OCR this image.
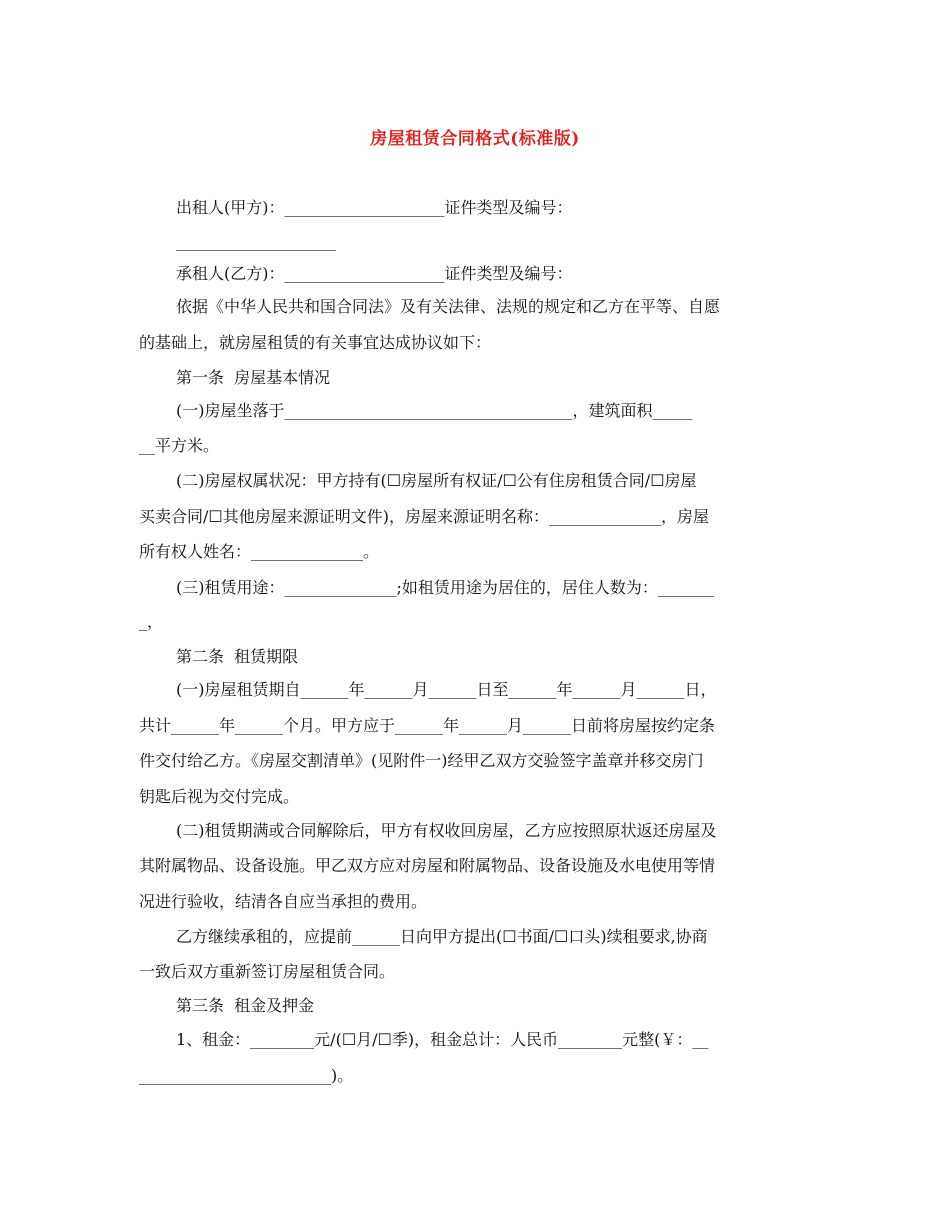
房屋租赁合同格式(标准版)
出租人(甲方)：____________________证件类型及编号：
____________________
承租人(乙方)：____________________证件类型及编号：
依据《中华人民共和国合同法》及有关法律、法规的规定和乙方在平等、自愿
的基础上，就房屋租赁的有关事宜达成协议如下：
第一条  房屋基本情况
(一)房屋坐落于____________________________________，建筑面积_____
__平方米。
(二)房屋权属状况：甲方持有(☐房屋所有权证/☐公有住房租赁合同/☐房屋
买卖合同/☐其他房屋来源证明文件)，房屋来源证明名称：______________，房屋
所有权人姓名：______________。
(三)租赁用途：______________;如租赁用途为居住的，居住人数为：_______
_，
第二条  租赁期限
(一)房屋租赁期自______年______月______日至______年______月______日，
共计______年______个月。甲方应于______年______月______日前将房屋按约定条
件交付给乙方。《房屋交割清单》(见附件一)经甲乙双方交验签字盖章并移交房门
钥匙后视为交付完成。
(二)租赁期满或合同解除后，甲方有权收回房屋，乙方应按照原状返还房屋及
其附属物品、设备设施。甲乙双方应对房屋和附属物品、设备设施及水电使用等情
况进行验收，结清各自应当承担的费用。
乙方继续承租的，应提前______日向甲方提出(☐书面/☐口头)续租要求,协商
一致后双方重新签订房屋租赁合同。
第三条  租金及押金
1、租金：________元/(☐月/☐季)，租金总计：人民币________元整(￥：__
________________________)。
